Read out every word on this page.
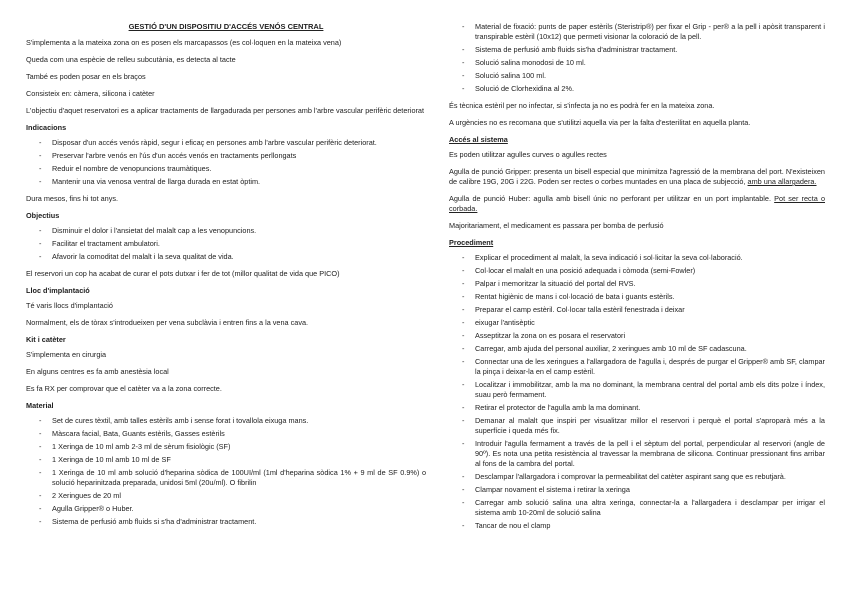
GESTIÓ D'UN DISPOSITIU D'ACCÉS VENÓS CENTRAL
S'implementa a la mateixa zona on es posen els marcapassos (es col·loquen en la mateixa vena)
Queda com una espècie de relleu subcutània, es detecta al tacte
També es poden posar en els braços
Consisteix en: càmera, silicona i catèter
L'objectiu d'aquet reservatori es a aplicar tractaments de llargadurada per persones amb l'arbre vascular perifèric deteriorat
Indicacions
- Disposar d'un accés venós ràpid, segur i eficaç en persones amb l'arbre vascular perifèric deteriorat.
- Preservar l'arbre venós en l'ús d'un accés venós en tractaments perllongats
- Reduir el nombre de venopuncions traumàtiques.
- Mantenir una via venosa ventral de llarga durada en estat òptim.
Dura mesos, fins hi tot anys.
Objectius
- Disminuir el dolor i l'ansietat del malalt cap a les venopuncions.
- Facilitar el tractament ambulatori.
- Afavorir la comoditat del malalt i la seva qualitat de vida.
El reservori un cop ha acabat de curar el pots dutxar i fer de tot (millor qualitat de vida que PICO)
Lloc d'implantació
Té varis llocs d'implantació
Normalment, els de tòrax s'introdueixen per vena subclàvia i entren fins a la vena cava.
Kit i catèter
S'implementa en cirurgia
En alguns centres es fa amb anestèsia local
Es fa RX per comprovar que el catèter va a la zona correcte.
Material
- Set de cures tèxtil, amb talles estèrils amb i sense forat i tovallola eixuga mans.
- Màscara facial, Bata, Guants estèrils, Gasses estèrils
- 1 Xeringa de 10 ml amb 2-3 ml de sèrum fisiològic (SF)
- 1 Xeringa de 10 ml amb 10 ml de SF
- 1 Xeringa de 10 ml amb solució d'heparina sòdica de 100UI/ml (1ml d'heparina sòdica 1% + 9 ml de SF 0.9%) o solució heparinitzada preparada, unidosi 5ml (20u/ml). O fibrilin
- 2 Xeringues de 20 ml
- Agulla Gripper® o Huber.
- Sistema de perfusió amb fluids si s'ha d'administrar tractament.
- Material de fixació: punts de paper estèrils (Steristrip®) per fixar el Grip - per® a la pell i apòsit transparent i transpirable estèril (10x12) que permeti visionar la coloració de la pell.
- Sistema de perfusió amb fluids sis'ha d'administrar tractament.
- Solució salina monodosi de 10 ml.
- Solució salina 100 ml.
- Solució de Clorhexidina al 2%.
És tècnica estèril per no infectar, si s'infecta ja no es podrà fer en la mateixa zona.
A urgències no es recomana que s'utilitzi aquella via per la falta d'esterilitat en aquella planta.
Accés al sistema
Es poden utilitzar agulles curves o agulles rectes
Agulla de punció Gripper: presenta un bisell especial que minimitza l'agressió de la membrana del port. N'existeixen de calibre 19G, 20G i 22G. Poden ser rectes o corbes muntades en una placa de subjecció, amb una allargadera.
Agulla de punció Huber: agulla amb bisell únic no perforant per utilitzar en un port implantable. Pot ser recta o corbada.
Majoritariament, el medicament es passara per bomba de perfusió
Procediment
- Explicar el procediment al malalt, la seva indicació i sol·licitar la seva col·laboració.
- Col·locar el malalt en una posició adequada i còmoda (semi-Fowler)
- Palpar i memoritzar la situació del portal del RVS.
- Rentat higiènic de mans i col·locació de bata i guants estèrils.
- Preparar el camp estèril. Col·locar talla estèril fenestrada i deixar
- eixugar l'antisèptic
- Asseptitzar la zona on es posara el reservatori
- Carregar, amb ajuda del personal auxiliar, 2 xeringues amb 10 ml de SF cadascuna.
- Connectar una de les xeringues a l'allargadora de l'agulla i, després de purgar el Gripper® amb SF, clampar la pinça i deixar-la en el camp estèril.
- Localitzar i immobilitzar, amb la ma no dominant, la membrana central del portal amb els dits polze i índex, suau però fermament.
- Retirar el protector de l'agulla amb la ma dominant.
- Demanar al malalt que inspiri per visualitzar millor el reservori i perquè el portal s'aproparà més a la superfície i queda més fix.
- Introduir l'agulla fermament a través de la pell i el sèptum del portal, perpendicular al reservori (angle de 90º). Es nota una petita resistència al travessar la membrana de silicona. Continuar pressionant fins arribar al fons de la cambra del portal.
- Desclampar l'allargadora i comprovar la permeabilitat del catèter aspirant sang que es rebutjarà.
- Clampar novament el sistema i retirar la xeringa
- Carregar amb solució salina una altra xeringa, connectar-la a l'allargadera i desclampar per irrigar el sistema amb 10-20ml de solució salina
- Tancar de nou el clamp
